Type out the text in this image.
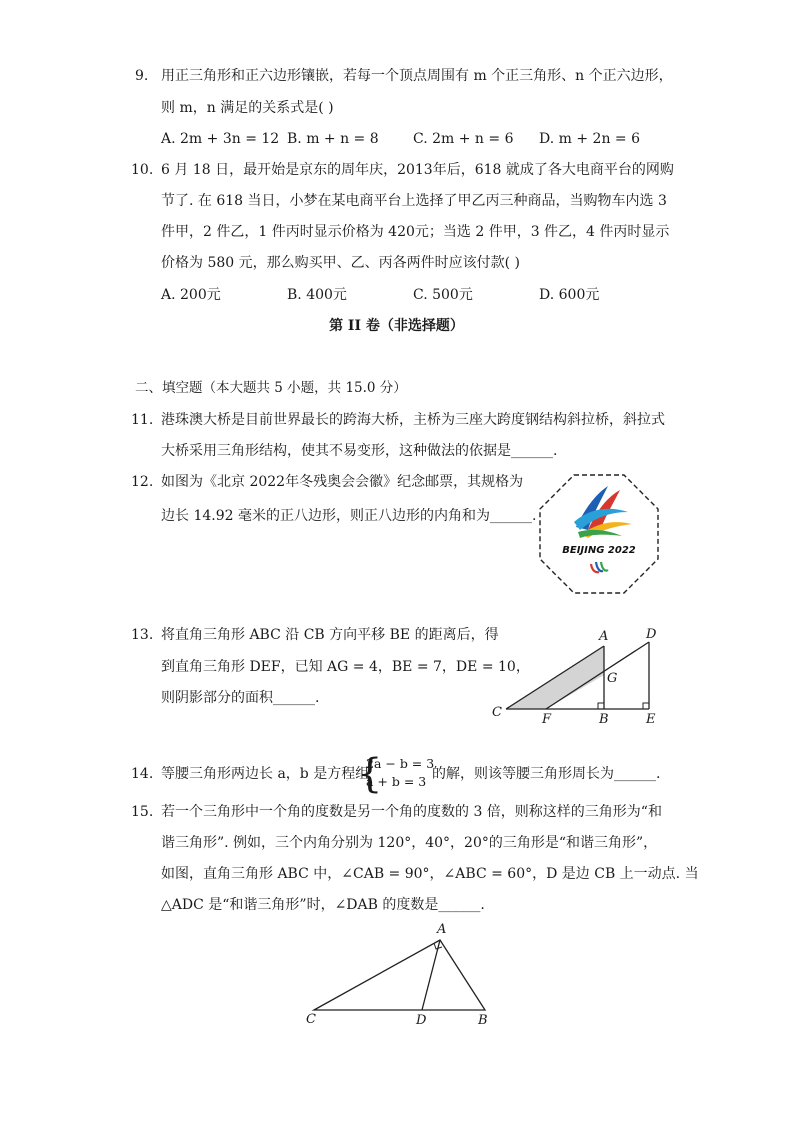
9. 用正三角形和正六边形镶嵌，若每一个顶点周围有 m 个正三角形、n 个正六边形，
则 m，n 满足的关系式是( )
A. 2m + 3n = 12 B. m + n = 8 C. 2m + n = 6 D. m + 2n = 6
10. 6 月 18 日，最开始是京东的周年庆，2013年后，618 就成了各大电商平台的网购
节了. 在 618 当日，小梦在某电商平台上选择了甲乙丙三种商品，当购物车内选 3
件甲，2 件乙，1 件丙时显示价格为 420元；当选 2 件甲，3 件乙，4 件丙时显示
价格为 580 元，那么购买甲、乙、丙各两件时应该付款( )
A. 200元	B. 400元	C. 500元	D. 600元
第 II 卷（非选择题）
二、填空题（本大题共 5 小题，共 15.0 分）
11. 港珠澳大桥是目前世界最长的跨海大桥，主桥为三座大跨度钢结构斜拉桥，斜拉式
大桥采用三角形结构，使其不易变形，这种做法的依据是______.
12. 如图为《北京 2022年冬残奥会会徽》纪念邮票，其规格为
边长 14.92 毫米的正八边形，则正八边形的内角和为______.
BEIJING 2022
13. 将直角三角形 ABC 沿 CB 方向平移 BE 的距离后，得
到直角三角形 DEF，已知 AG = 4，BE = 7，DE = 10，
则阴影部分的面积______.
A	D
G
C	F	B	E
14. 等腰三角形两边长 a，b 是方程组
{
2a − b = 3
a + b = 3 的解，则该等腰三角形周长为______.
15. 若一个三角形中一个角的度数是另一个角的度数的 3 倍，则称这样的三角形为“和
谐三角形”. 例如，三个内角分别为 120°，40°，20°的三角形是“和谐三角形”，
如图，直角三角形 ABC 中，∠CAB = 90°，∠ABC = 60°，D 是边 CB 上一动点. 当
△ADC 是“和谐三角形”时，∠DAB 的度数是______.
A
C	D	B
